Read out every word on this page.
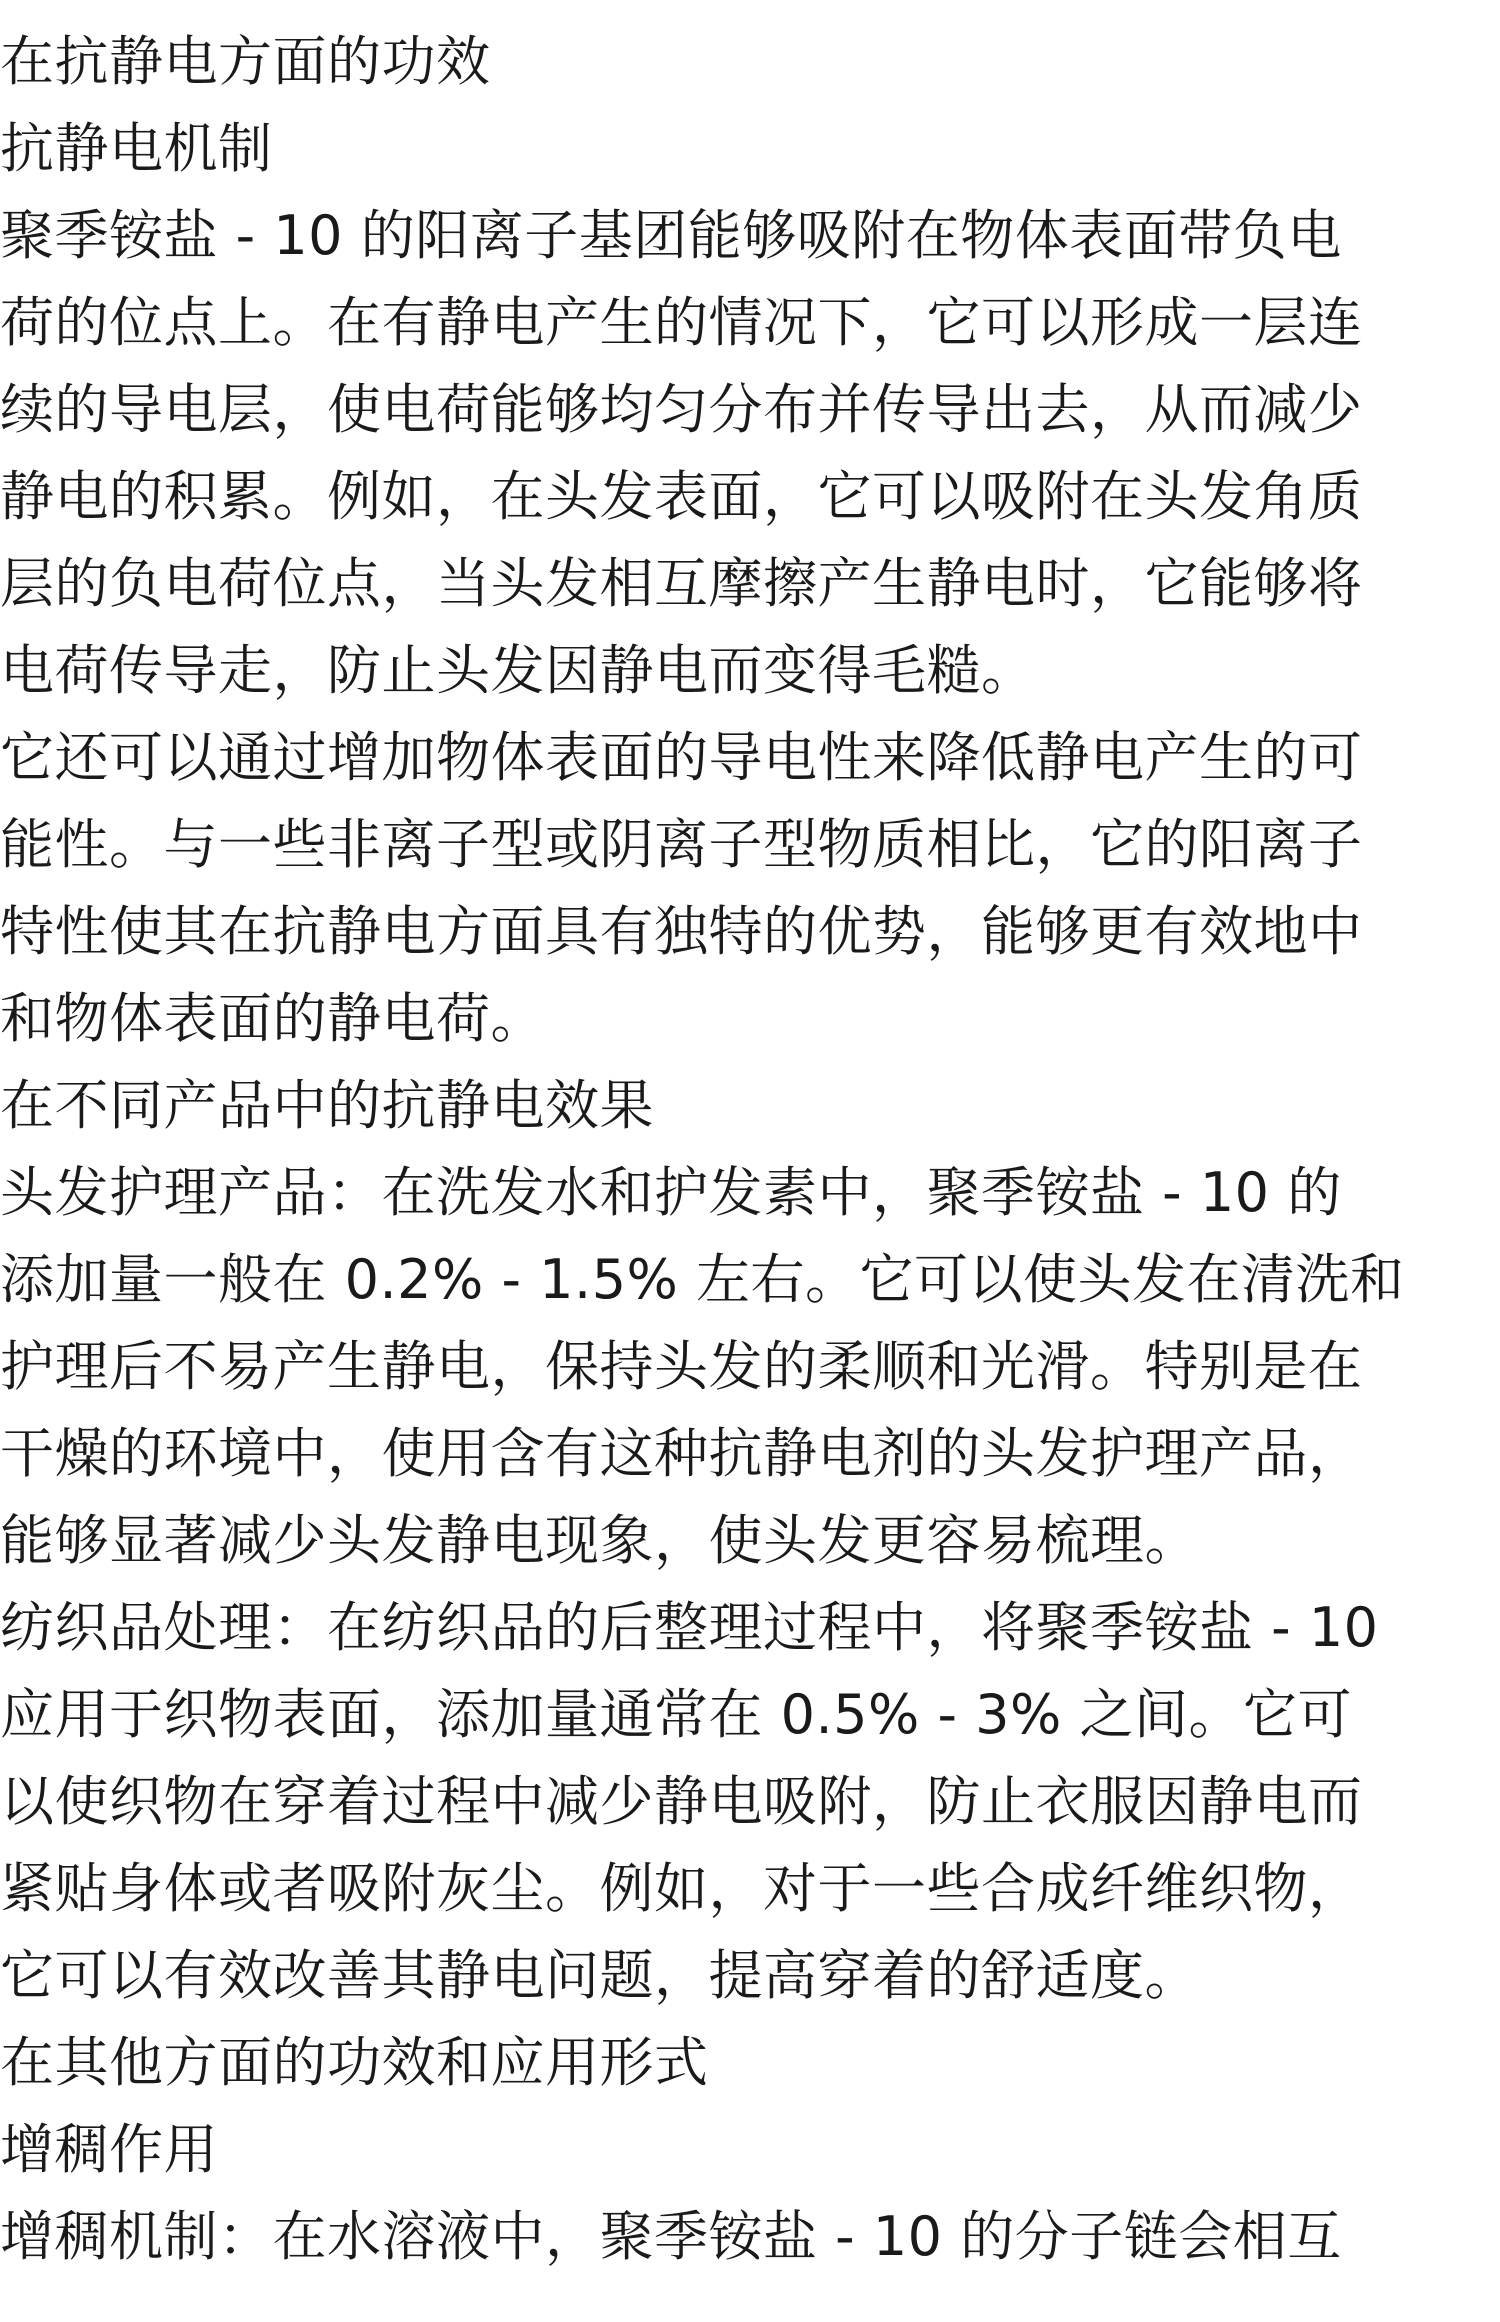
在抗静电方面的功效
抗静电机制
聚季铵盐 - 10 的阳离子基团能够吸附在物体表面带负电
荷的位点上。在有静电产生的情况下，它可以形成一层连
续的导电层，使电荷能够均匀分布并传导出去，从而减少
静电的积累。例如，在头发表面，它可以吸附在头发角质
层的负电荷位点，当头发相互摩擦产生静电时，它能够将
电荷传导走，防止头发因静电而变得毛糙。
它还可以通过增加物体表面的导电性来降低静电产生的可
能性。与一些非离子型或阴离子型物质相比，它的阳离子
特性使其在抗静电方面具有独特的优势，能够更有效地中
和物体表面的静电荷。
在不同产品中的抗静电效果
头发护理产品：在洗发水和护发素中，聚季铵盐 - 10 的
添加量一般在 0.2% - 1.5% 左右。它可以使头发在清洗和
护理后不易产生静电，保持头发的柔顺和光滑。特别是在
干燥的环境中，使用含有这种抗静电剂的头发护理产品，
能够显著减少头发静电现象，使头发更容易梳理。
纺织品处理：在纺织品的后整理过程中，将聚季铵盐 - 10
应用于织物表面，添加量通常在 0.5% - 3% 之间。它可
以使织物在穿着过程中减少静电吸附，防止衣服因静电而
紧贴身体或者吸附灰尘。例如，对于一些合成纤维织物，
它可以有效改善其静电问题，提高穿着的舒适度。
在其他方面的功效和应用形式
增稠作用
增稠机制：在水溶液中，聚季铵盐 - 10 的分子链会相互
